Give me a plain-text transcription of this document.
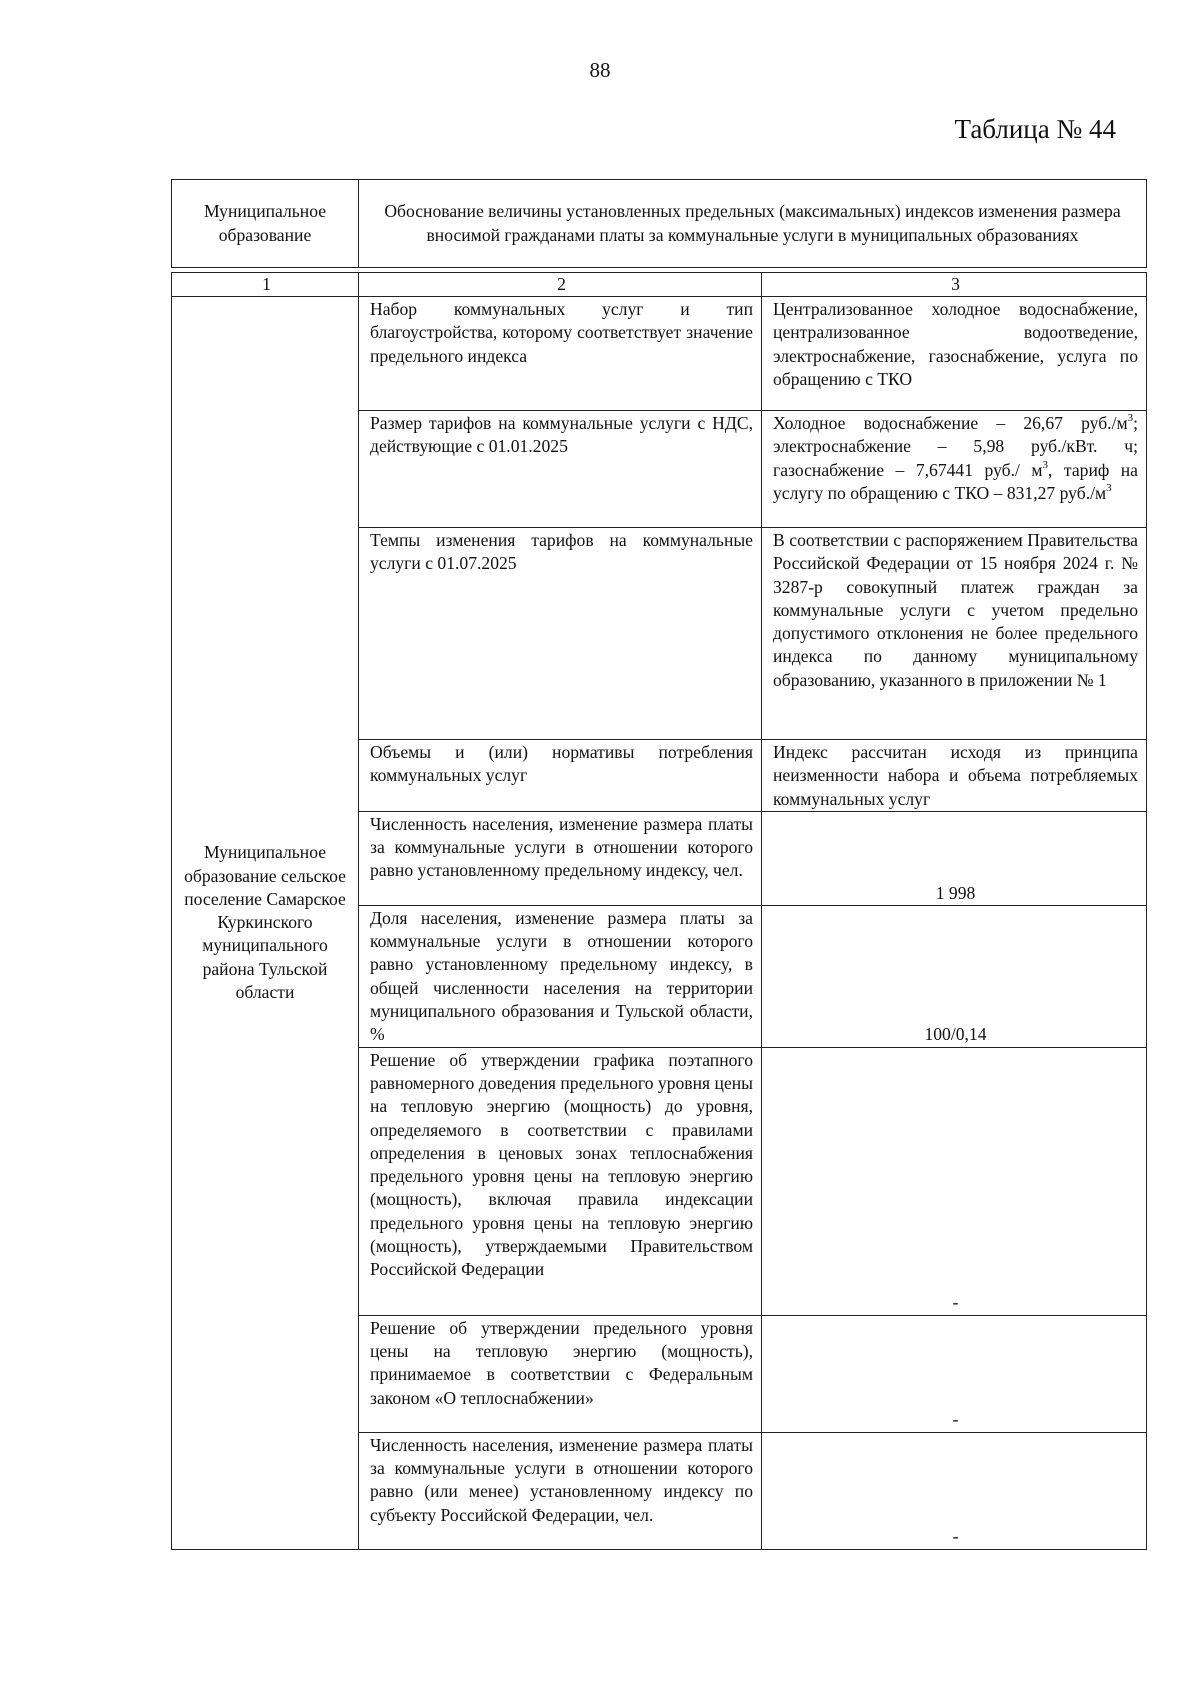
88
Таблица № 44
Муниципальное образование	Обоснование величины установленных предельных (максимальных) индексов изменения размера вносимой гражданами платы за коммунальные услуги в муниципальных образованиях
1	2	3
Муниципальное образование сельское поселение Самарское Куркинского муниципального района Тульской области	Набор коммунальных услуг и тип благоустройства, которому соответствует значение предельного индекса	Централизованное холодное водоснабжение, централизованное водоотведение, электроснабжение, газоснабжение, услуга по обращению с ТКО
	Размер тарифов на коммунальные услуги с НДС, действующие с 01.01.2025	Холодное водоснабжение – 26,67 $руб./м^3$; электроснабжение – 5,98 руб./кВт. ч; газоснабжение – 7,67441 руб./ $м^3$, тариф на услугу по обращению с ТКО – 831,27 $руб./м^3$
	Темпы изменения тарифов на коммунальные услуги с 01.07.2025	В соответствии с распоряжением Правительства Российской Федерации от 15 ноября 2024 г. № 3287-р совокупный платеж граждан за коммунальные услуги с учетом предельно допустимого отклонения не более предельного индекса по данному муниципальному образованию, указанного в приложении № 1
	Объемы и (или) нормативы потребления коммунальных услуг	Индекс рассчитан исходя из принципа неизменности набора и объема потребляемых коммунальных услуг
	Численность населения, изменение размера платы за коммунальные услуги в отношении которого равно установленному предельному индексу, чел.	1 998
	Доля населения, изменение размера платы за коммунальные услуги в отношении которого равно установленному предельному индексу, в общей численности населения на территории муниципального образования и Тульской области, %	100/0,14
	Решение об утверждении графика поэтапного равномерного доведения предельного уровня цены на тепловую энергию (мощность) до уровня, определяемого в соответствии с правилами определения в ценовых зонах теплоснабжения предельного уровня цены на тепловую энергию (мощность), включая правила индексации предельного уровня цены на тепловую энергию (мощность), утверждаемыми Правительством Российской Федерации	-
	Решение об утверждении предельного уровня цены на тепловую энергию (мощность), принимаемое в соответствии с Федеральным законом «О теплоснабжении»	-
	Численность населения, изменение размера платы за коммунальные услуги в отношении которого равно (или менее) установленному индексу по субъекту Российской Федерации, чел.	-
